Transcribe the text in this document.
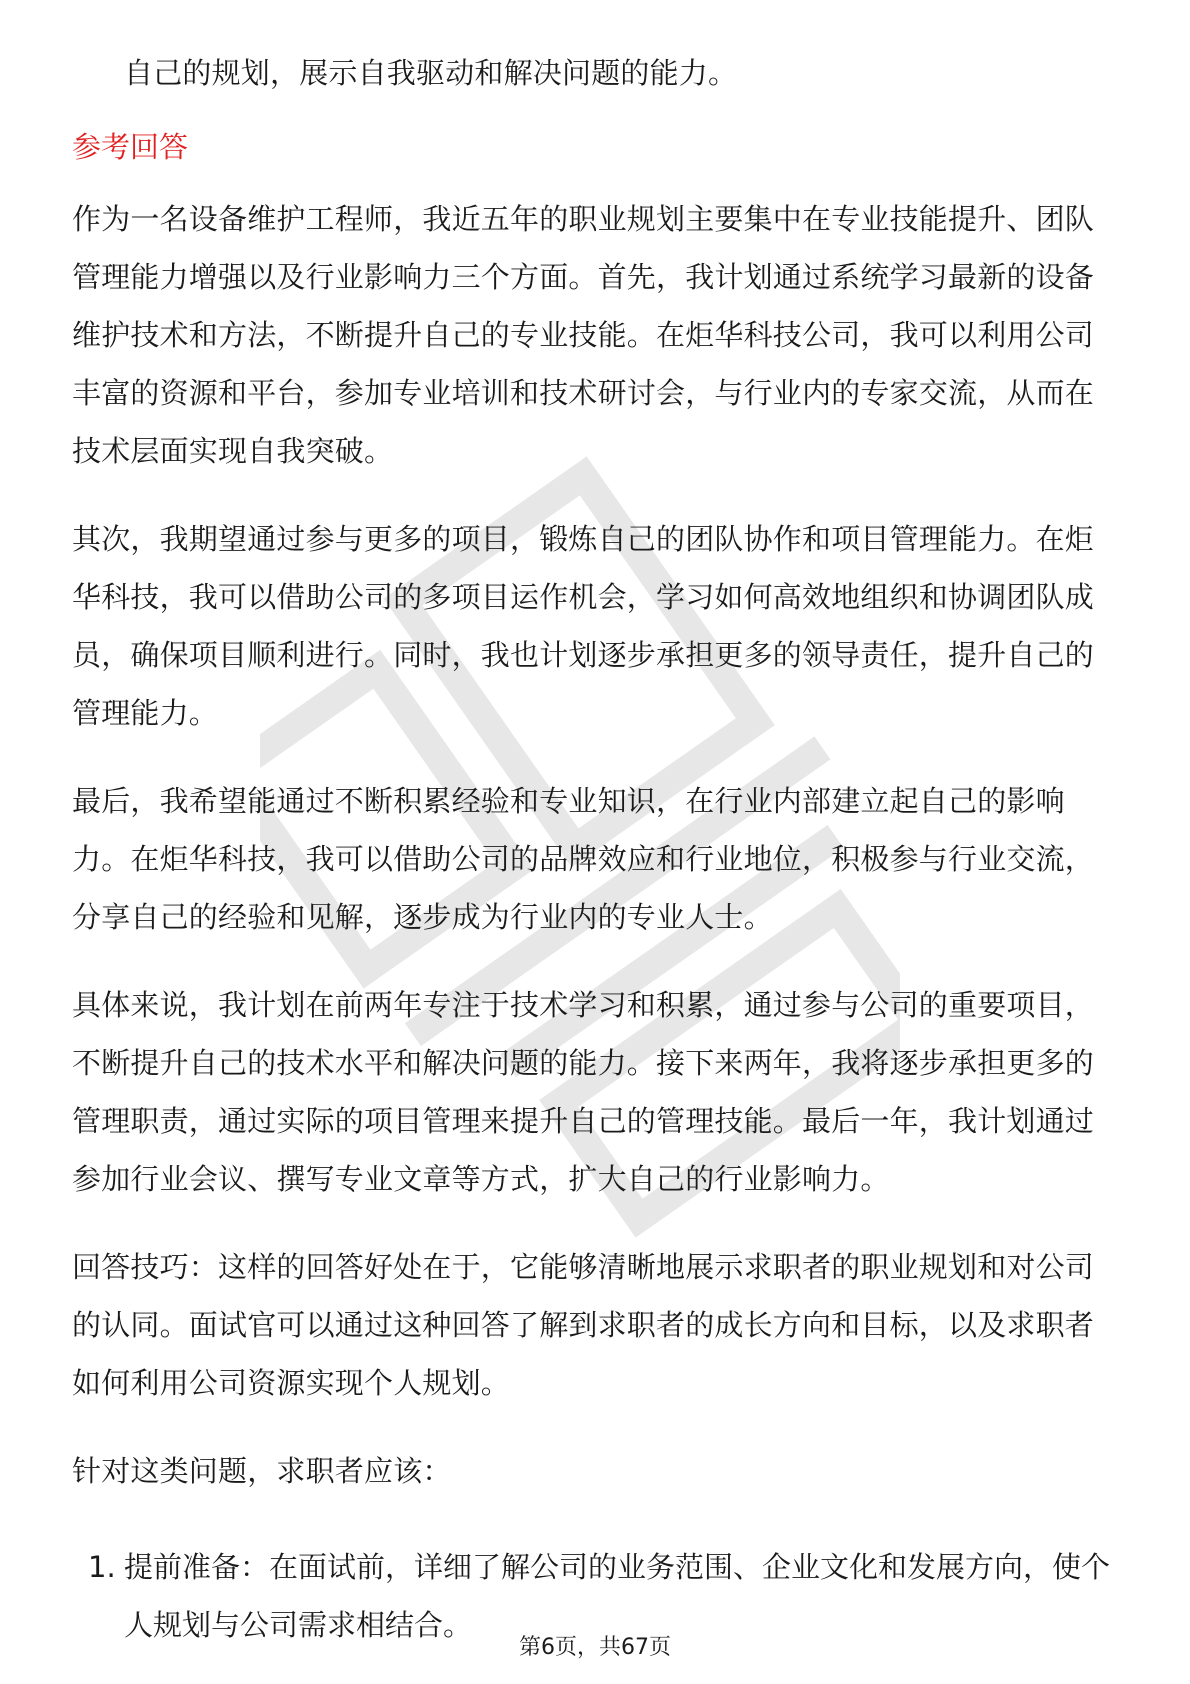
自己的规划，展示自我驱动和解决问题的能力。

参考回答

作为一名设备维护工程师，我近五年的职业规划主要集中在专业技能提升、团队管理能力增强以及行业影响力三个方面。首先，我计划通过系统学习最新的设备维护技术和方法，不断提升自己的专业技能。在炬华科技公司，我可以利用公司丰富的资源和平台，参加专业培训和技术研讨会，与行业内的专家交流，从而在技术层面实现自我突破。

其次，我期望通过参与更多的项目，锻炼自己的团队协作和项目管理能力。在炬华科技，我可以借助公司的多项目运作机会，学习如何高效地组织和协调团队成员，确保项目顺利进行。同时，我也计划逐步承担更多的领导责任，提升自己的管理能力。

最后，我希望能通过不断积累经验和专业知识，在行业内部建立起自己的影响力。在炬华科技，我可以借助公司的品牌效应和行业地位，积极参与行业交流，分享自己的经验和见解，逐步成为行业内的专业人士。

具体来说，我计划在前两年专注于技术学习和积累，通过参与公司的重要项目，不断提升自己的技术水平和解决问题的能力。接下来两年，我将逐步承担更多的管理职责，通过实际的项目管理来提升自己的管理技能。最后一年，我计划通过参加行业会议、撰写专业文章等方式，扩大自己的行业影响力。

回答技巧：这样的回答好处在于，它能够清晰地展示求职者的职业规划和对公司的认同。面试官可以通过这种回答了解到求职者的成长方向和目标，以及求职者如何利用公司资源实现个人规划。

针对这类问题，求职者应该：

1. 提前准备：在面试前，详细了解公司的业务范围、企业文化和发展方向，使个人规划与公司需求相结合。
第6页，共67页
